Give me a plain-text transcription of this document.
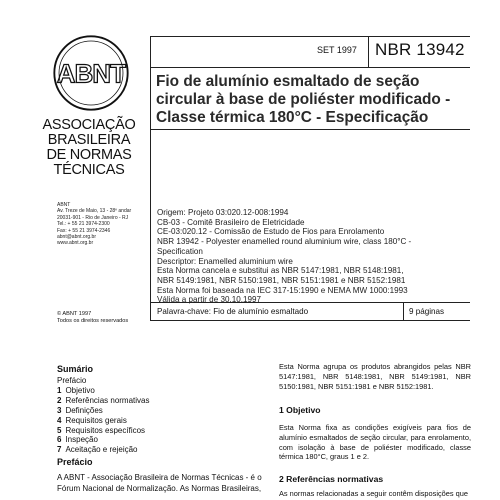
ABNT
ASSOCIAÇÃO
BRASILEIRA
DE NORMAS
TÉCNICAS
ABNT
Av. Treze de Maio, 13 - 28º andar
20031-901 - Rio de Janeiro - RJ
Tel.: + 55 21 3974-2300
Fax: + 55 21 3974-2346
abnt@abnt.org.br
www.abnt.org.br
© ABNT 1997
Todos os direitos reservados
SET 1997 NBR 13942
Fio de alumínio esmaltado de seção circular à base de poliéster modificado - Classe térmica 180°C - Especificação
Origem: Projeto 03:020.12-008:1994
CB-03 - Comitê Brasileiro de Eletricidade
CE-03:020.12 - Comissão de Estudo de Fios para Enrolamento
NBR 13942 - Polyester enamelled round aluminium wire, class 180°C -
Specification
Descriptor: Enamelled aluminium wire
Esta Norma cancela e substitui as NBR 5147:1981, NBR 5148:1981,
NBR 5149:1981, NBR 5150:1981, NBR 5151:1981 e NBR 5152:1981
Esta Norma foi baseada na IEC 317-15:1990 e NEMA MW 1000:1993
Válida a partir de 30.10.1997
Palavra-chave: Fio de alumínio esmaltado	9 páginas
Sumário
Prefácio
1 Objetivo
2 Referências normativas
3 Definições
4 Requisitos gerais
5 Requisitos específicos
6 Inspeção
7 Aceitação e rejeição
Prefácio
A ABNT - Associação Brasileira de Normas Técnicas - é o Fórum Nacional de Normalização. As Normas Brasileiras,
Esta Norma agrupa os produtos abrangidos pelas NBR 5147:1981, NBR 5148:1981, NBR 5149:1981, NBR 5150:1981, NBR 5151:1981 e NBR 5152:1981.
1 Objetivo
Esta Norma fixa as condições exigíveis para fios de alumínio esmaltados de seção circular, para enrolamento, com isolação à base de poliéster modificado, classe térmica 180°C, graus 1 e 2.
2 Referências normativas
As normas relacionadas a seguir contêm disposições que
